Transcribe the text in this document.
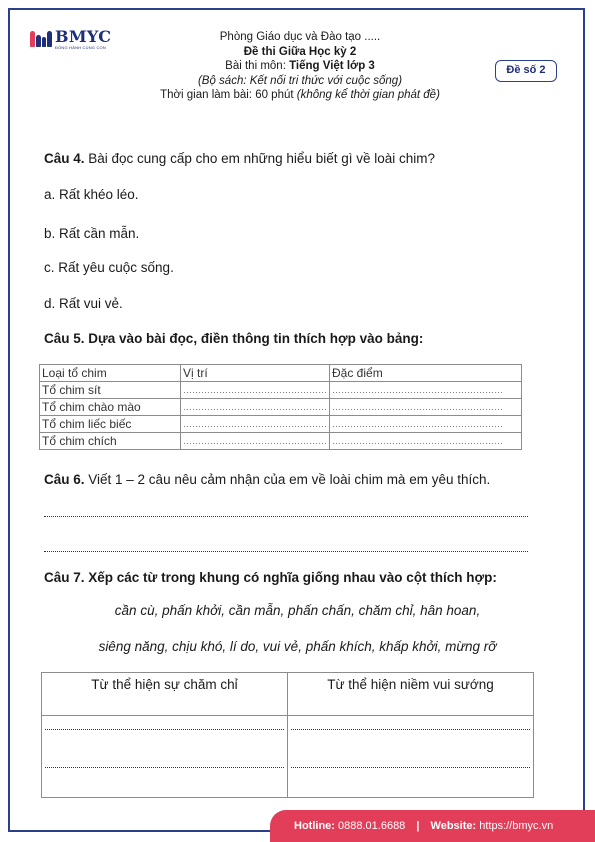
BMYC
ĐỒNG HÀNH CÙNG CON
Phòng Giáo dục và Đào tạo .....
Đề thi Giữa Học kỳ 2
Bài thi môn: Tiếng Việt lớp 3
(Bộ sách: Kết nối tri thức với cuộc sống)
Thời gian làm bài: 60 phút (không kể thời gian phát đề)
Đề số 2
Câu 4. Bài đọc cung cấp cho em những hiểu biết gì về loài chim?
a. Rất khéo léo.
b. Rất cần mẫn.
c. Rất yêu cuộc sống.
d. Rất vui vẻ.
Câu 5. Dựa vào bài đọc, điền thông tin thích hợp vào bảng:
Loại tổ chim	Vị trí	Đặc điểm
Tổ chim sít	…………………………………………	…………………………………………………
Tổ chim chào mào	…………………………………………	…………………………………………………
Tổ chim liếc biếc	…………………………………………	…………………………………………………
Tổ chim chích	…………………………………………	…………………………………………………
Câu 6. Viết 1 – 2 câu nêu cảm nhận của em về loài chim mà em yêu thích.
Câu 7. Xếp các từ trong khung có nghĩa giống nhau vào cột thích hợp:
cần cù, phấn khởi, cần mẫn, phấn chấn, chăm chỉ, hân hoan,
siêng năng, chịu khó, lí do, vui vẻ, phấn khích, khấp khởi, mừng rỡ
Từ thể hiện sự chăm chỉ	Từ thể hiện niềm vui sướng

Hotline: 0888.01.6688 | Website: https://bmyc.vn
